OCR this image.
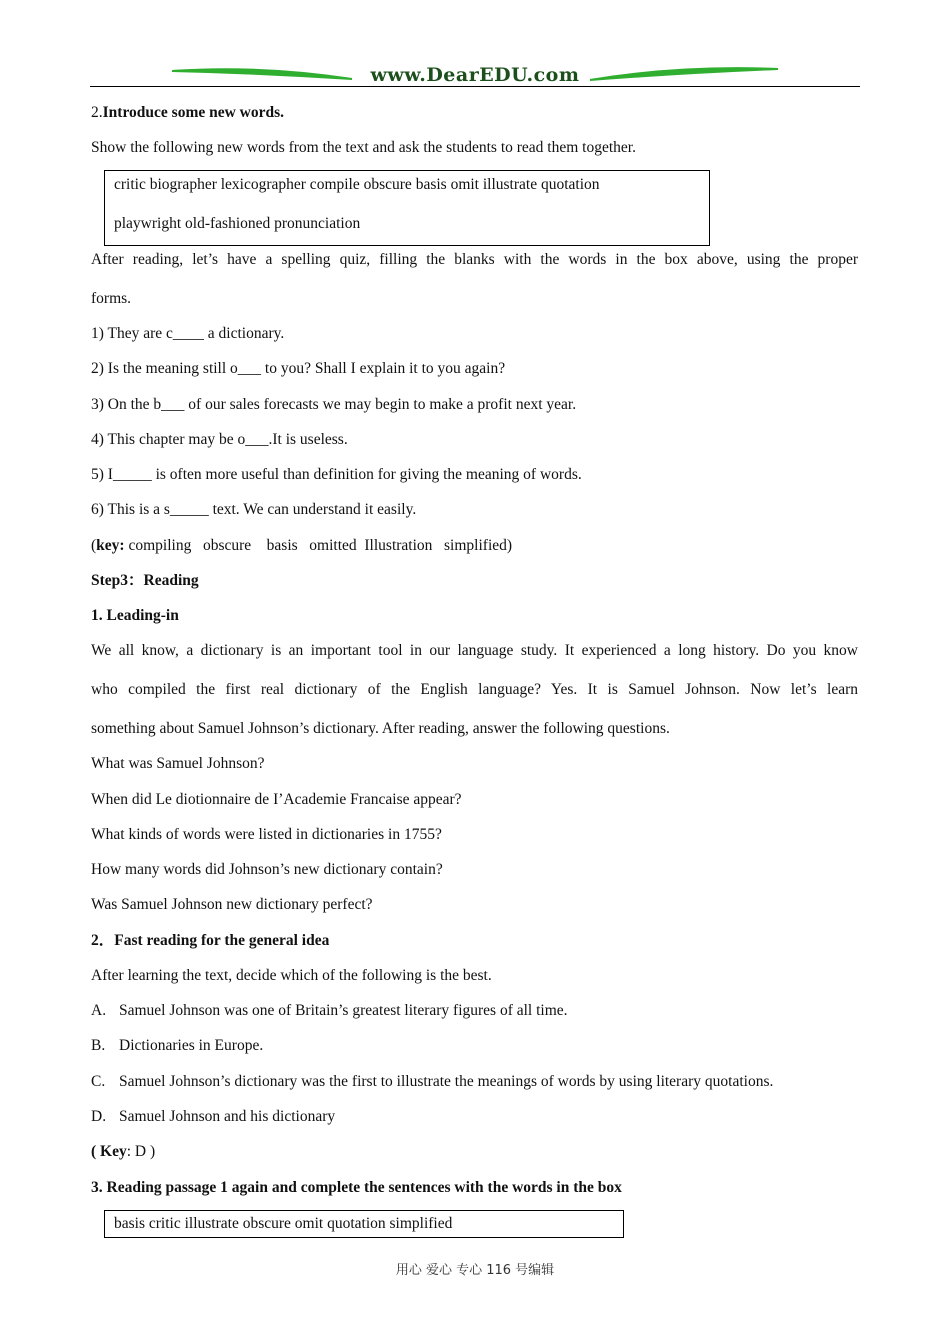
www.DearEDU.com
2.Introduce some new words.
Show the following new words from the text and ask the students to read them together.
critic biographer lexicographer compile obscure basis omit illustrate quotation
playwright old-fashioned pronunciation
After reading, let’s have a spelling quiz, filling the blanks with the words in the box above, using the proper
forms.
1) They are c____ a dictionary.
2) Is the meaning still o___ to you? Shall I explain it to you again?
3) On the b___ of our sales forecasts we may begin to make a profit next year.
4) This chapter may be o___.It is useless.
5) I_____ is often more useful than definition for giving the meaning of words.
6) This is a s_____ text. We can understand it easily.
(key: compiling   obscure    basis   omitted  Illustration   simplified)
Step3：Reading
1. Leading-in
We all know, a dictionary is an important tool in our language study. It experienced a long history. Do you know
who compiled the first real dictionary of the English language? Yes. It is Samuel Johnson. Now let’s learn
something about Samuel Johnson’s dictionary. After reading, answer the following questions.
What was Samuel Johnson?
When did Le diotionnaire de I’Academie Francaise appear?
What kinds of words were listed in dictionaries in 1755?
How many words did Johnson’s new dictionary contain?
Was Samuel Johnson new dictionary perfect?
2．Fast reading for the general idea
After learning the text, decide which of the following is the best.
A. Samuel Johnson was one of Britain’s greatest literary figures of all time.
B. Dictionaries in Europe.
C. Samuel Johnson’s dictionary was the first to illustrate the meanings of words by using literary quotations.
D. Samuel Johnson and his dictionary
( Key: D )
3. Reading passage 1 again and complete the sentences with the words in the box
basis critic illustrate obscure omit quotation simplified
用心 爱心 专心 116 号编辑
